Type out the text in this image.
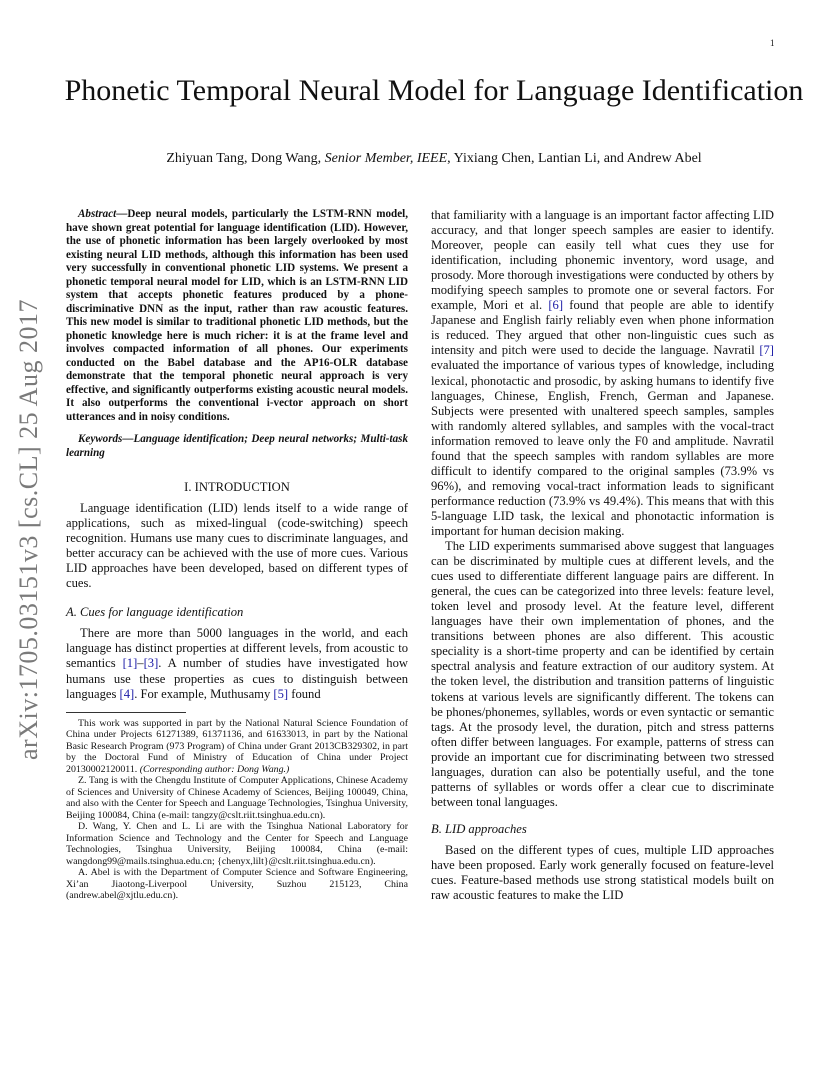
1
arXiv:1705.03151v3 [cs.CL] 25 Aug 2017
Phonetic Temporal Neural Model for Language Identification
Zhiyuan Tang, Dong Wang, Senior Member, IEEE, Yixiang Chen, Lantian Li, and Andrew Abel

Abstract—Deep neural models, particularly the LSTM-RNN model, have shown great potential for language identification (LID). However, the use of phonetic information has been largely overlooked by most existing neural LID methods, although this information has been used very successfully in conventional phonetic LID systems. We present a phonetic temporal neural model for LID, which is an LSTM-RNN LID system that accepts phonetic features produced by a phone-discriminative DNN as the input, rather than raw acoustic features. This new model is similar to traditional phonetic LID methods, but the phonetic knowledge here is much richer: it is at the frame level and involves compacted information of all phones. Our experiments conducted on the Babel database and the AP16-OLR database demonstrate that the temporal phonetic neural approach is very effective, and significantly outperforms existing acoustic neural models. It also outperforms the conventional i-vector approach on short utterances and in noisy conditions.

Keywords—Language identification; Deep neural networks; Multi-task learning

I. INTRODUCTION

Language identification (LID) lends itself to a wide range of applications, such as mixed-lingual (code-switching) speech recognition. Humans use many cues to discriminate languages, and better accuracy can be achieved with the use of more cues. Various LID approaches have been developed, based on different types of cues.

A. Cues for language identification

There are more than 5000 languages in the world, and each language has distinct properties at different levels, from acoustic to semantics [1]–[3]. A number of studies have investigated how humans use these properties as cues to distinguish between languages [4]. For example, Muthusamy [5] found

This work was supported in part by the National Natural Science Foundation of China under Projects 61271389, 61371136, and 61633013, in part by the National Basic Research Program (973 Program) of China under Grant 2013CB329302, in part by the Doctoral Fund of Ministry of Education of China under Project 20130002120011. (Corresponding author: Dong Wang.)

Z. Tang is with the Chengdu Institute of Computer Applications, Chinese Academy of Sciences and University of Chinese Academy of Sciences, Beijing 100049, China, and also with the Center for Speech and Language Technologies, Tsinghua University, Beijing 100084, China (e-mail: tangzy@cslt.riit.tsinghua.edu.cn).

D. Wang, Y. Chen and L. Li are with the Tsinghua National Laboratory for Information Science and Technology and the Center for Speech and Language Technologies, Tsinghua University, Beijing 100084, China (e-mail: wangdong99@mails.tsinghua.edu.cn; {chenyx,lilt}@cslt.riit.tsinghua.edu.cn).

A. Abel is with the Department of Computer Science and Software Engineering, Xi’an Jiaotong-Liverpool University, Suzhou 215123, China (andrew.abel@xjtlu.edu.cn).

that familiarity with a language is an important factor affecting LID accuracy, and that longer speech samples are easier to identify. Moreover, people can easily tell what cues they use for identification, including phonemic inventory, word usage, and prosody. More thorough investigations were conducted by others by modifying speech samples to promote one or several factors. For example, Mori et al. [6] found that people are able to identify Japanese and English fairly reliably even when phone information is reduced. They argued that other non-linguistic cues such as intensity and pitch were used to decide the language. Navratil [7] evaluated the importance of various types of knowledge, including lexical, phonotactic and prosodic, by asking humans to identify five languages, Chinese, English, French, German and Japanese. Subjects were presented with unaltered speech samples, samples with randomly altered syllables, and samples with the vocal-tract information removed to leave only the F0 and amplitude. Navratil found that the speech samples with random syllables are more difficult to identify compared to the original samples (73.9% vs 96%), and removing vocal-tract information leads to significant performance reduction (73.9% vs 49.4%). This means that with this 5-language LID task, the lexical and phonotactic information is important for human decision making.

The LID experiments summarised above suggest that languages can be discriminated by multiple cues at different levels, and the cues used to differentiate different language pairs are different. In general, the cues can be categorized into three levels: feature level, token level and prosody level. At the feature level, different languages have their own implementation of phones, and the transitions between phones are also different. This acoustic speciality is a short-time property and can be identified by certain spectral analysis and feature extraction of our auditory system. At the token level, the distribution and transition patterns of linguistic tokens at various levels are significantly different. The tokens can be phones/phonemes, syllables, words or even syntactic or semantic tags. At the prosody level, the duration, pitch and stress patterns often differ between languages. For example, patterns of stress can provide an important cue for discriminating between two stressed languages, duration can also be potentially useful, and the tone patterns of syllables or words offer a clear cue to discriminate between tonal languages.

B. LID approaches

Based on the different types of cues, multiple LID approaches have been proposed. Early work generally focused on feature-level cues. Feature-based methods use strong statistical models built on raw acoustic features to make the LID
